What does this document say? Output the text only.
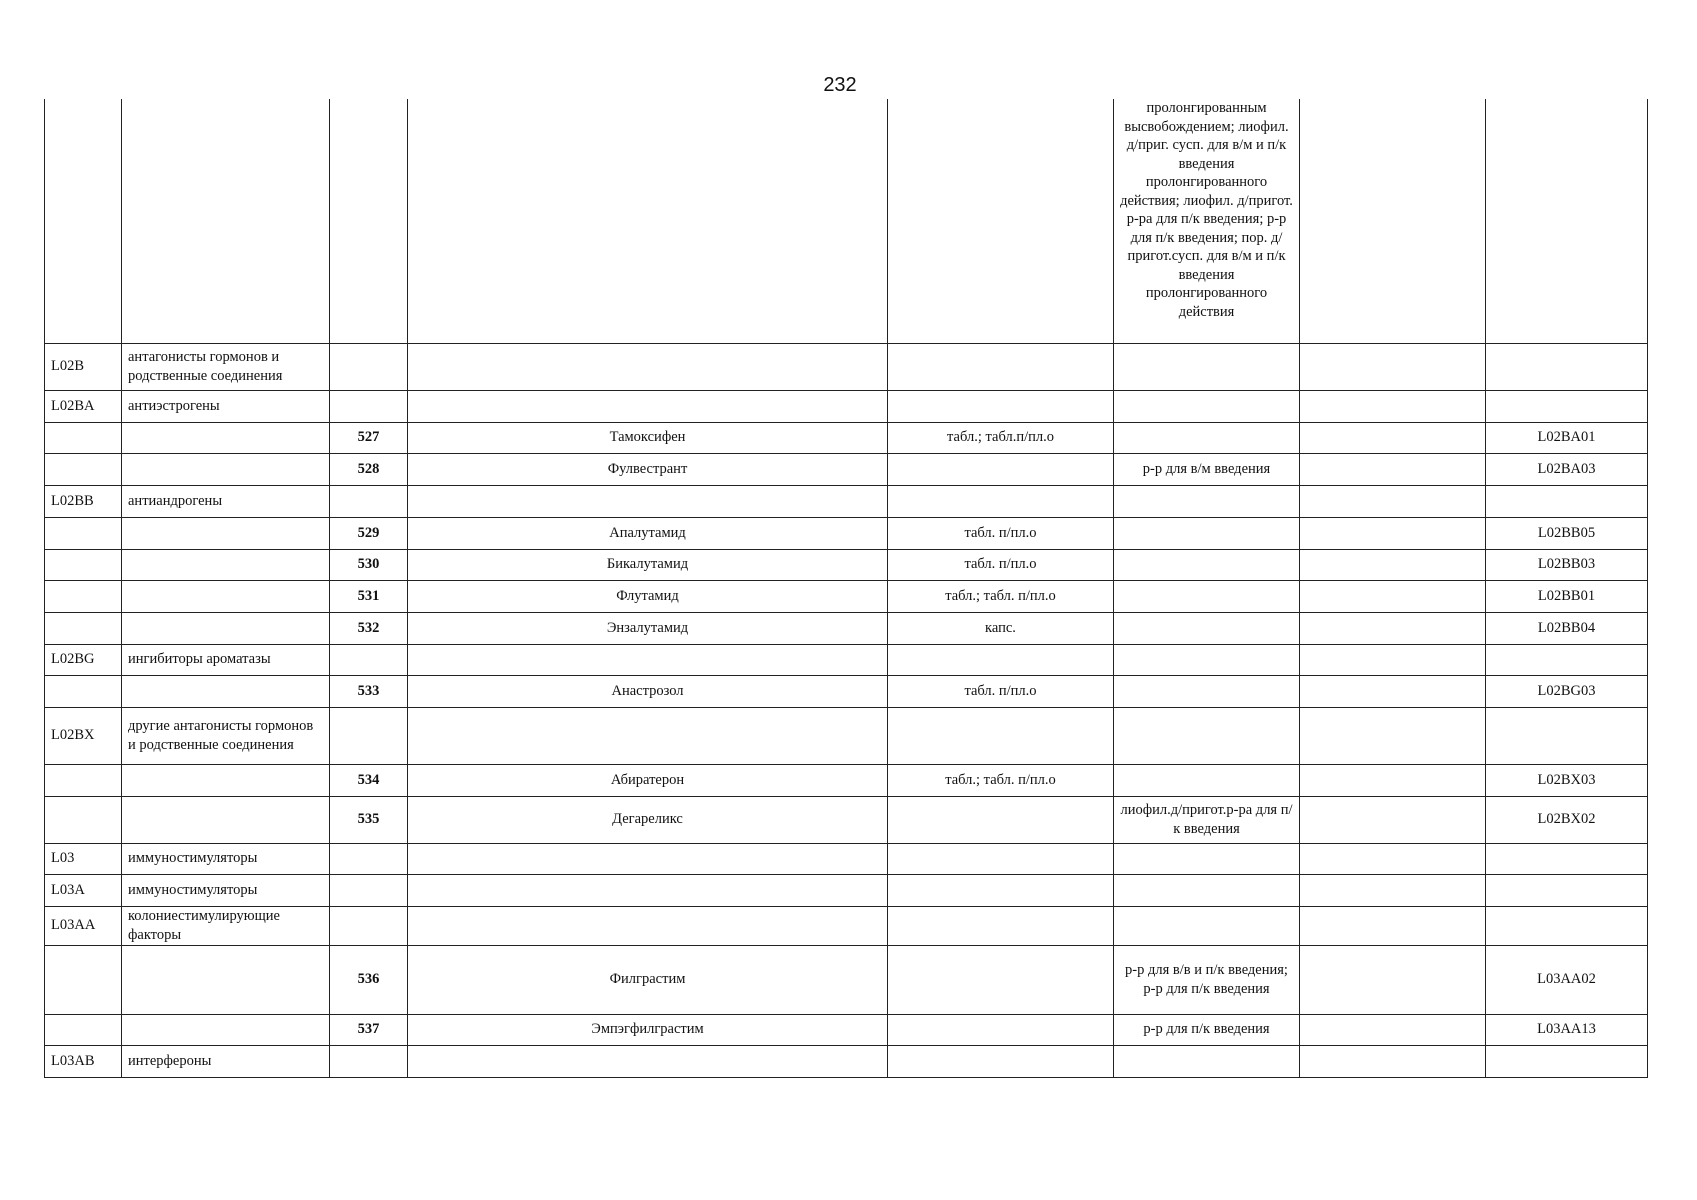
232
					пролонгированным высвобождением; лиофил. д/приг. сусп. для в/м и п/к введения пролонгированного действия; лиофил. д/пригот. р-ра для п/к введения; р-р для п/к введения; пор. д/пригот.сусп. для в/м и п/к введения пролонгированного действия		
L02B	антагонисты гормонов и родственные соединения						
L02BA	антиэстрогены						
		527	Тамоксифен	табл.; табл.п/пл.о			L02BA01
		528	Фулвестрант		р-р для в/м введения		L02BA03
L02BB	антиандрогены						
		529	Апалутамид	табл. п/пл.о			L02BB05
		530	Бикалутамид	табл. п/пл.о			L02BB03
		531	Флутамид	табл.; табл. п/пл.о			L02BB01
		532	Энзалутамид	капс.			L02BB04
L02BG	ингибиторы ароматазы						
		533	Анастрозол	табл. п/пл.о			L02BG03
L02BX	другие антагонисты гормонов и родственные соединения						
		534	Абиратерон	табл.; табл. п/пл.о			L02BX03
		535	Дегареликс		лиофил.д/пригот.р-ра для п/к введения		L02BX02
L03	иммуностимуляторы						
L03A	иммуностимуляторы						
L03AA	колониестимулирующие факторы						
		536	Филграстим		р-р для в/в и п/к введения; р-р для п/к введения		L03AA02
		537	Эмпэгфилграстим		р-р для п/к введения		L03AA13
L03AB	интерфероны						
